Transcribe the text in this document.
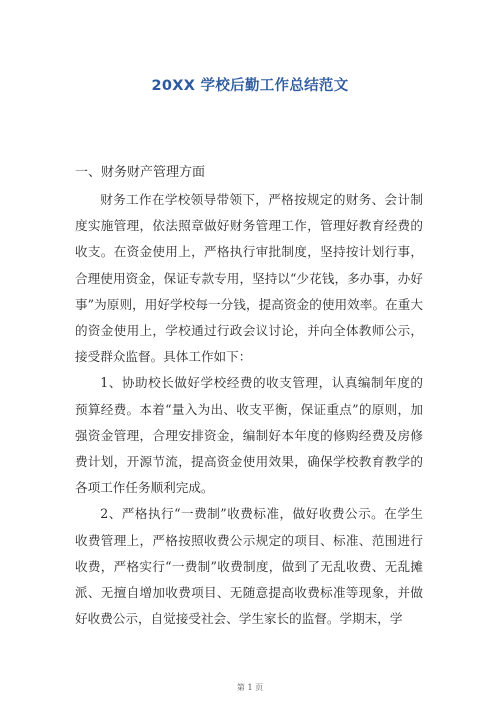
20XX 学校后勤工作总结范文
一、财务财产管理方面

财务工作在学校领导带领下，严格按规定的财务、会计制度实施管理，依法照章做好财务管理工作，管理好教育经费的收支。在资金使用上，严格执行审批制度，坚持按计划行事，合理使用资金，保证专款专用，坚持以“少花钱，多办事，办好事”为原则，用好学校每一分钱，提高资金的使用效率。在重大的资金使用上，学校通过行政会议讨论，并向全体教师公示，接受群众监督。具体工作如下：

1、协助校长做好学校经费的收支管理，认真编制年度的预算经费。本着“量入为出、收支平衡，保证重点”的原则，加强资金管理，合理安排资金，编制好本年度的修购经费及房修费计划，开源节流，提高资金使用效果，确保学校教育教学的各项工作任务顺利完成。

2、严格执行“一费制”收费标准，做好收费公示。在学生收费管理上，严格按照收费公示规定的项目、标准、范围进行收费，严格实行“一费制”收费制度，做到了无乱收费、无乱摊派、无擅自增加收费项目、无随意提高收费标准等现象，并做好收费公示，自觉接受社会、学生家长的监督。学期末，学

第 1 页
